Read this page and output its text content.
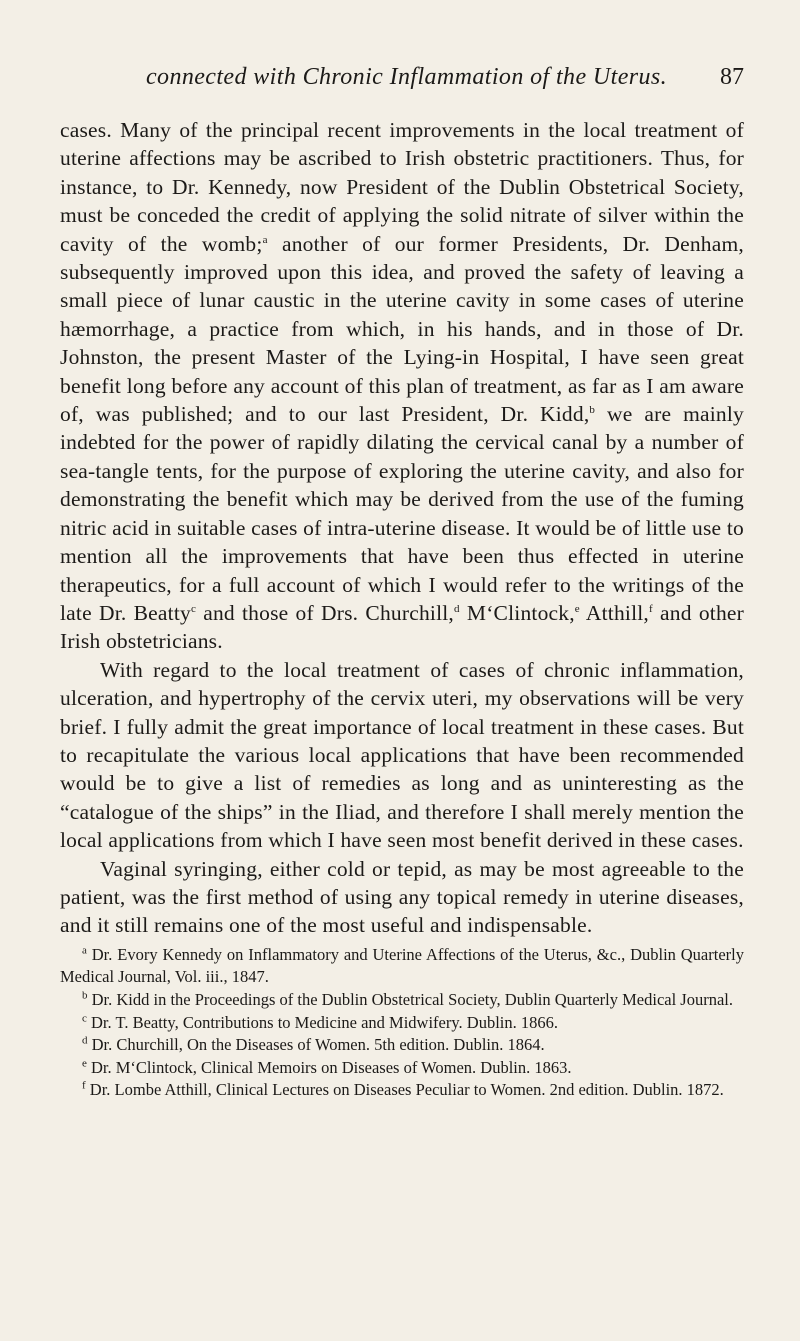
connected with Chronic Inflammation of the Uterus. 87

cases. Many of the principal recent improvements in the local treatment of uterine affections may be ascribed to Irish obstetric practitioners. Thus, for instance, to Dr. Kennedy, now President of the Dublin Obstetrical Society, must be conceded the credit of applying the solid nitrate of silver within the cavity of the womb;$^a$ another of our former Presidents, Dr. Denham, subsequently improved upon this idea, and proved the safety of leaving a small piece of lunar caustic in the uterine cavity in some cases of uterine hæmorrhage, a practice from which, in his hands, and in those of Dr. Johnston, the present Master of the Lying-in Hospital, I have seen great benefit long before any account of this plan of treatment, as far as I am aware of, was published; and to our last President, Dr. Kidd,$^b$ we are mainly indebted for the power of rapidly dilating the cervical canal by a number of sea-tangle tents, for the purpose of exploring the uterine cavity, and also for demonstrating the benefit which may be derived from the use of the fuming nitric acid in suitable cases of intra-uterine disease. It would be of little use to mention all the improvements that have been thus effected in uterine therapeutics, for a full account of which I would refer to the writings of the late Dr. Beatty$^c$ and those of Drs. Churchill,$^d$ M‘Clintock,$^e$ Atthill,$^f$ and other Irish obstetricians.

With regard to the local treatment of cases of chronic inflammation, ulceration, and hypertrophy of the cervix uteri, my observations will be very brief. I fully admit the great importance of local treatment in these cases. But to recapitulate the various local applications that have been recommended would be to give a list of remedies as long and as uninteresting as the “catalogue of the ships” in the Iliad, and therefore I shall merely mention the local applications from which I have seen most benefit derived in these cases.

Vaginal syringing, either cold or tepid, as may be most agreeable to the patient, was the first method of using any topical remedy in uterine diseases, and it still remains one of the most useful and indispensable.

$^a$ Dr. Evory Kennedy on Inflammatory and Uterine Affections of the Uterus, &c., Dublin Quarterly Medical Journal, Vol. iii., 1847.

$^b$ Dr. Kidd in the Proceedings of the Dublin Obstetrical Society, Dublin Quarterly Medical Journal.

$^c$ Dr. T. Beatty, Contributions to Medicine and Midwifery. Dublin. 1866.

$^d$ Dr. Churchill, On the Diseases of Women. 5th edition. Dublin. 1864.

$^e$ Dr. M‘Clintock, Clinical Memoirs on Diseases of Women. Dublin. 1863.

$^f$ Dr. Lombe Atthill, Clinical Lectures on Diseases Peculiar to Women. 2nd edition. Dublin. 1872.
